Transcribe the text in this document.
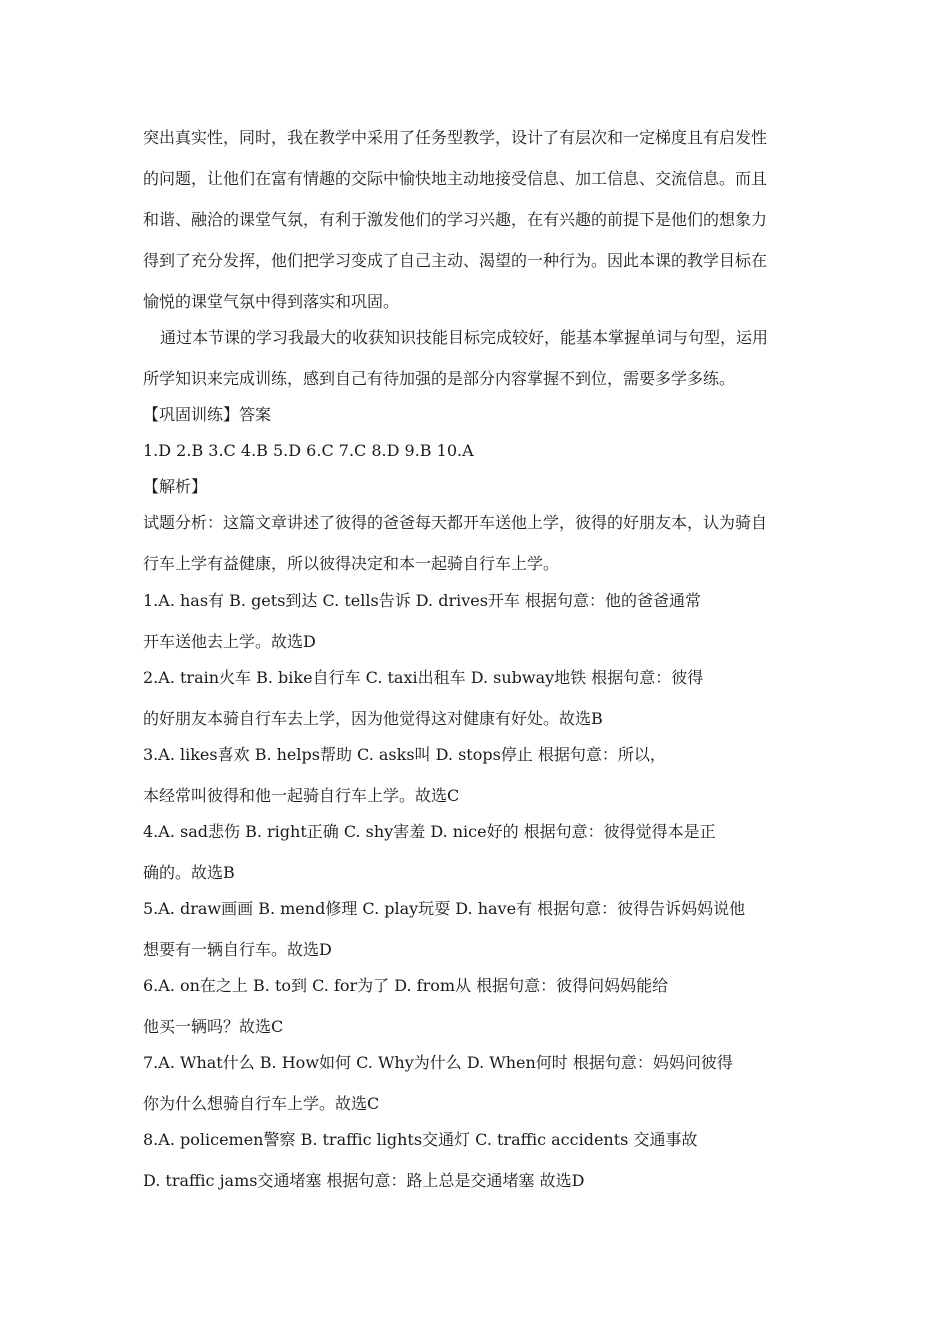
突出真实性，同时，我在教学中采用了任务型教学，设计了有层次和一定梯度且有启发性
的问题，让他们在富有情趣的交际中愉快地主动地接受信息、加工信息、交流信息。而且
和谐、融洽的课堂气氛，有利于激发他们的学习兴趣，在有兴趣的前提下是他们的想象力
得到了充分发挥，他们把学习变成了自己主动、渴望的一种行为。因此本课的教学目标在
愉悦的课堂气氛中得到落实和巩固。
通过本节课的学习我最大的收获知识技能目标完成较好，能基本掌握单词与句型，运用
所学知识来完成训练，感到自己有待加强的是部分内容掌握不到位，需要多学多练。
【巩固训练】答案
1.D 2.B 3.C 4.B 5.D 6.C 7.C 8.D 9.B 10.A
【解析】
试题分析：这篇文章讲述了彼得的爸爸每天都开车送他上学，彼得的好朋友本，认为骑自
行车上学有益健康，所以彼得决定和本一起骑自行车上学。
1.A. has有 B. gets到达 C. tells告诉 D. drives开车 根据句意：他的爸爸通常
开车送他去上学。故选D
2.A. train火车 B. bike自行车 C. taxi出租车 D. subway地铁 根据句意：彼得
的好朋友本骑自行车去上学，因为他觉得这对健康有好处。故选B
3.A. likes喜欢 B. helps帮助 C. asks叫 D. stops停止 根据句意：所以，
本经常叫彼得和他一起骑自行车上学。故选C
4.A. sad悲伤 B. right正确 C. shy害羞 D. nice好的 根据句意：彼得觉得本是正
确的。故选B
5.A. draw画画 B. mend修理 C. play玩耍 D. have有 根据句意：彼得告诉妈妈说他
想要有一辆自行车。故选D
6.A. on在之上 B. to到 C. for为了 D. from从 根据句意：彼得问妈妈能给
他买一辆吗？故选C
7.A. What什么 B. How如何 C. Why为什么 D. When何时 根据句意：妈妈问彼得
你为什么想骑自行车上学。故选C
8.A. policemen警察 B. traffic lights交通灯 C. traffic accidents 交通事故
D. traffic jams交通堵塞 根据句意：路上总是交通堵塞 故选D
